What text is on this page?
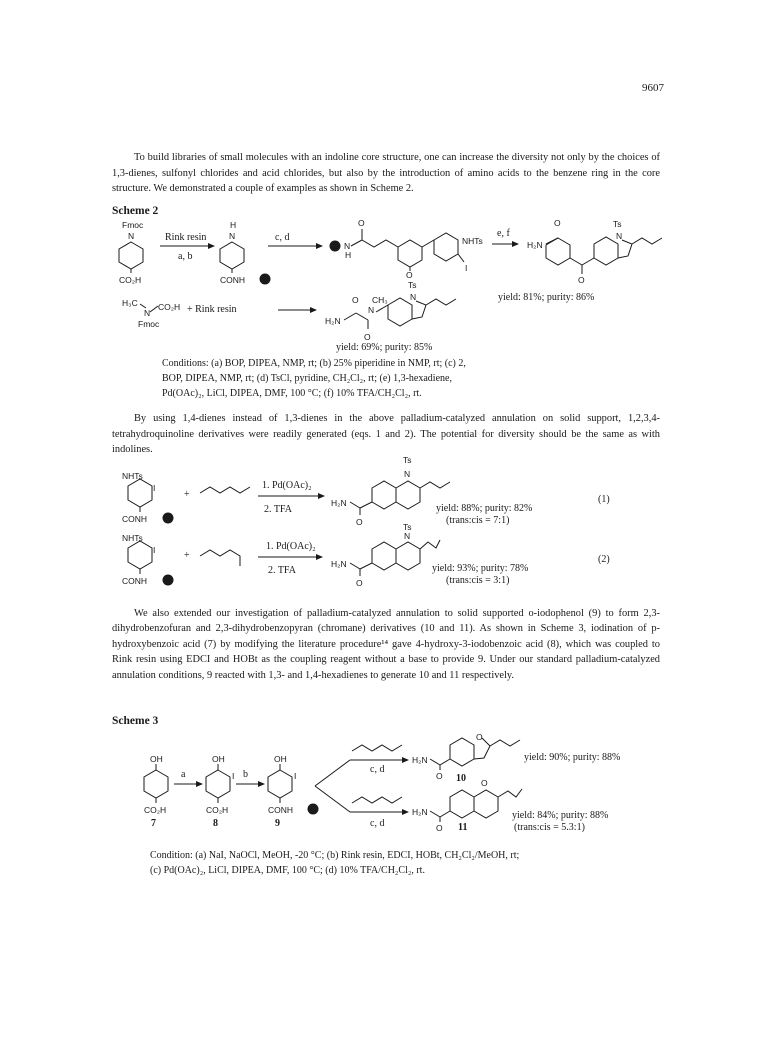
9607

To build libraries of small molecules with an indoline core structure, one can increase the diversity not only by the choices of 1,3-dienes, sulfonyl chlorides and acid chlorides, but also by the introduction of amino acids to the benzene ring in the core structure. We demonstrated a couple of examples as shown in Scheme 2.

Scheme 2
Fmoc
N
CO₂H
Rink resin
a, b
H
N
CONH
c, d
N
H
O
O
NHTs
I
e, f
H₂N
O
O
Ts
N
yield: 81%; purity: 86%
H₃C
N
CO₂H
Fmoc
+ Rink resin
H₂N
O
O
N
CH₃
Ts
N
yield: 69%; purity: 85%

Conditions: (a) BOP, DIPEA, NMP, rt; (b) 25% piperidine in NMP, rt; (c) 2,

BOP, DIPEA, NMP, rt; (d) TsCl, pyridine, CH₂Cl₂, rt; (e) 1,3-hexadiene,

Pd(OAc)₂, LiCl, DIPEA, DMF, 100 °C; (f) 10% TFA/CH₂Cl₂, rt.

By using 1,4-dienes instead of 1,3-dienes in the above palladium-catalyzed annulation on solid support, 1,2,3,4-tetrahydroquinoline derivatives were readily generated (eqs. 1 and 2). The potential for diversity should be the same as with indolines.

NHTs
I
CONH
+
1. Pd(OAc)₂
2. TFA
H₂N
O
Ts
N
yield: 88%; purity: 82%
(trans:cis = 7:1)
(1)
NHTs
I
CONH
+
1. Pd(OAc)₂
2. TFA
H₂N
O
Ts
N
yield: 93%; purity: 78%
(trans:cis = 3:1)
(2)

We also extended our investigation of palladium-catalyzed annulation to solid supported o-iodophenol (9) to form 2,3-dihydrobenzofuran and 2,3-dihydrobenzopyran (chromane) derivatives (10 and 11). As shown in Scheme 3, iodination of p-hydroxybenzoic acid (7) by modifying the literature procedure¹⁴ gave 4-hydroxy-3-iodobenzoic acid (8), which was coupled to Rink resin using EDCI and HOBt as the coupling reagent without a base to provide 9. Under our standard palladium-catalyzed annulation conditions, 9 reacted with 1,3- and 1,4-hexadienes to generate 10 and 11 respectively.

Scheme 3
OH
CO₂H
7
a
OH
I
CO₂H
8
b
OH
I
CONH
9
c, d
c, d
H₂N
O
O
10
yield: 90%; purity: 88%
H₂N
O
O
11
yield: 84%; purity: 88%
(trans:cis = 5.3:1)

Condition: (a) NaI, NaOCl, MeOH, -20 °C; (b) Rink resin, EDCI, HOBt, CH₂Cl₂/MeOH, rt;

(c) Pd(OAc)₂, LiCl, DIPEA, DMF, 100 °C; (d) 10% TFA/CH₂Cl₂, rt.
